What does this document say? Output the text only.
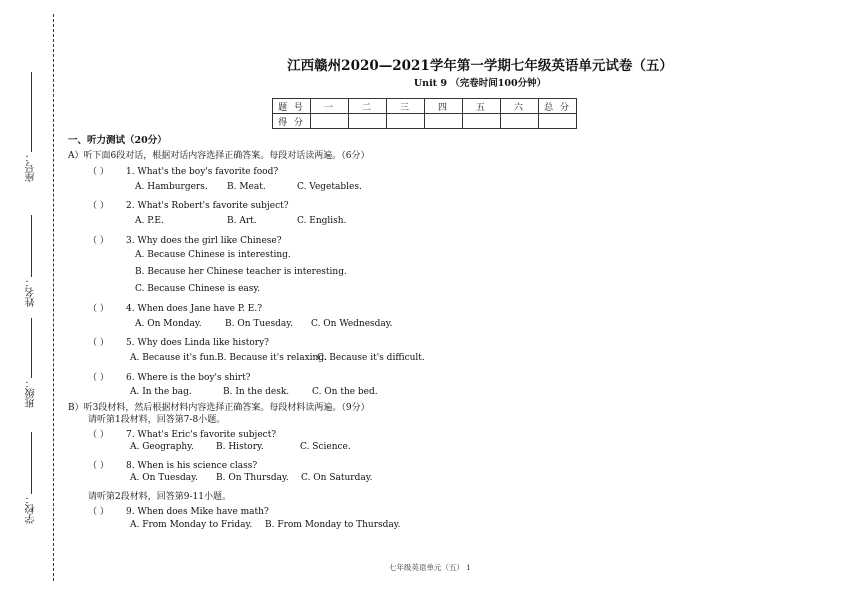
座号：
姓名：
班级：
学校：
江西赣州2020—2021学年第一学期七年级英语单元试卷（五）
Unit 9 （完卷时间100分钟）
题 号	一	二	三	四	五	六	总 分
得 分							
一、听力测试（20分）
A）听下面6段对话，根据对话内容选择正确答案。每段对话读两遍。（6分）
（ ） 1. What's the boy's favorite food?
A. Hamburgers. B. Meat.	C. Vegetables.
（ ） 2. What's Robert's favorite subject?
A. P.E.	B. Art.	C. English.
（ ） 3. Why does the girl like Chinese?
A. Because Chinese is interesting.
B. Because her Chinese teacher is interesting.
C. Because Chinese is easy.
（ ） 4. When does Jane have P. E.?
A. On Monday.	B. On Tuesday. C. On Wednesday.
（ ） 5. Why does Linda like history?
A. Because it's fun.B. Because it's relaxing.C. Because it's difficult.
（ ） 6. Where is the boy's shirt?
A. In the bag.	B. In the desk.	C. On the bed.
B）听3段材料，然后根据材料内容选择正确答案。每段材料读两遍。（9分）
请听第1段材料，回答第7-8小题。
（ ） 7. What's Eric's favorite subject?
A. Geography. B. History.	C. Science.
（ ） 8. When is his science class?
A. On Tuesday. B. On Thursday. C. On Saturday.
请听第2段材料，回答第9-11小题。
（ ） 9. When does Mike have math?
A. From Monday to Friday. B. From Monday to Thursday.
七年级英语单元（五） 1
